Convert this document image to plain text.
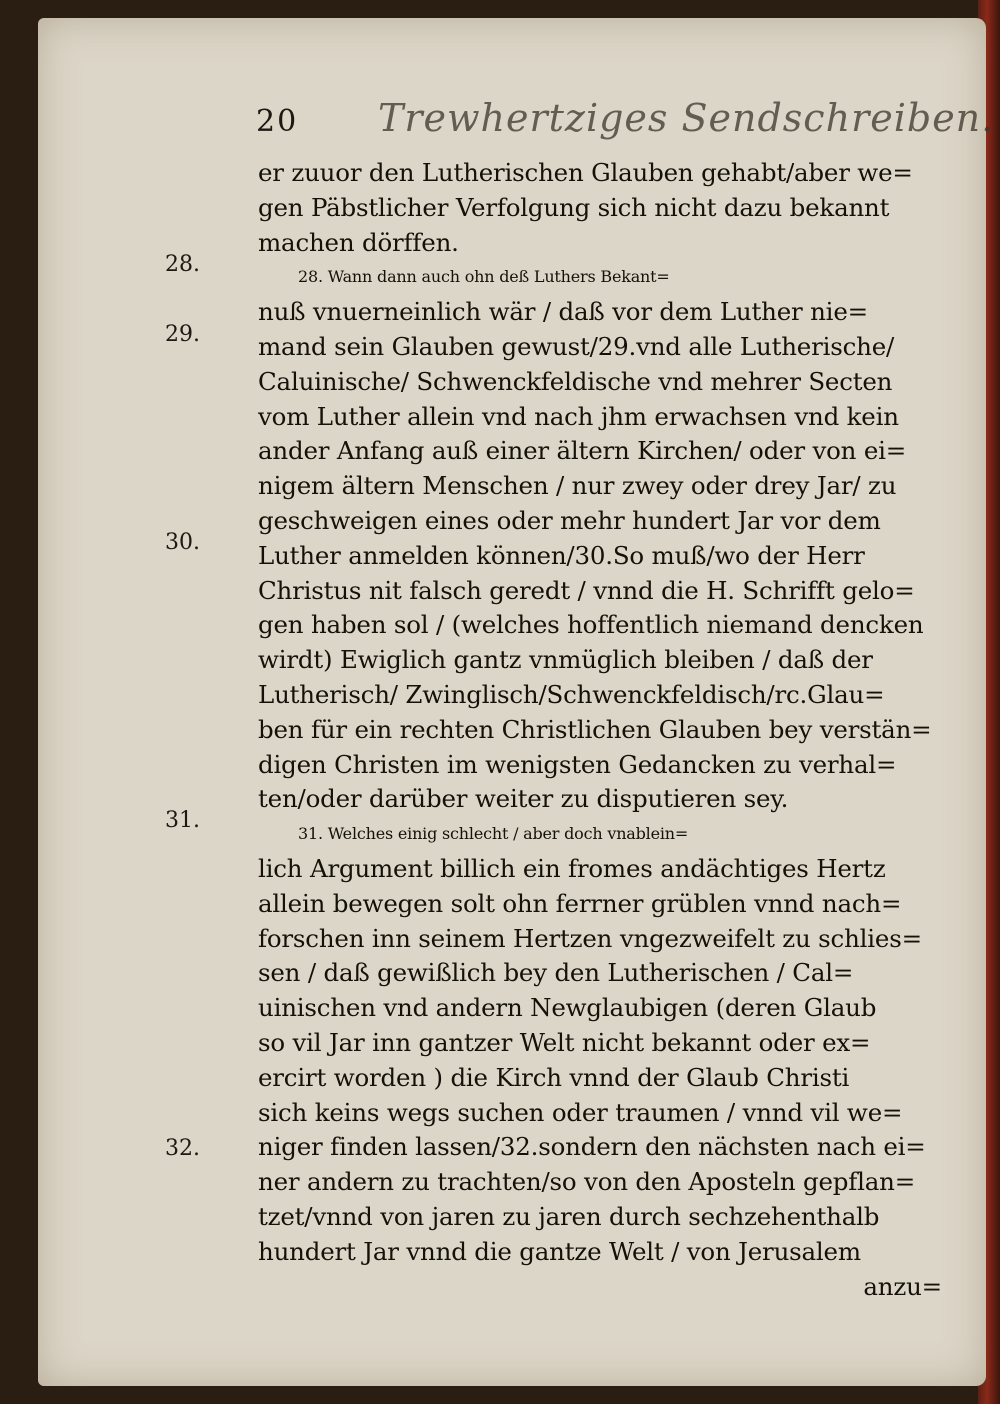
20 Trewhertziges Sendschreiben.
28.
29.
30.
31.
32.
er zuuor den Lutherischen Glauben gehabt/aber we=
gen Päbstlicher Verfolgung sich nicht dazu bekannt
machen dörffen.
28. Wann dann auch ohn deß Luthers Bekant=
nuß vnuerneinlich wär / daß vor dem Luther nie=
mand sein Glauben gewust/29.vnd alle Lutherische/
Caluinische/ Schwenckfeldische vnd mehrer Secten
vom Luther allein vnd nach jhm erwachsen vnd kein
ander Anfang auß einer ältern Kirchen/ oder von ei=
nigem ältern Menschen / nur zwey oder drey Jar/ zu
geschweigen eines oder mehr hundert Jar vor dem
Luther anmelden können/30.So muß/wo der Herr
Christus nit falsch geredt / vnnd die H. Schrifft gelo=
gen haben sol / (welches hoffentlich niemand dencken
wirdt) Ewiglich gantz vnmüglich bleiben / daß der
Lutherisch/ Zwinglisch/Schwenckfeldisch/rc.Glau=
ben für ein rechten Christlichen Glauben bey verstän=
digen Christen im wenigsten Gedancken zu verhal=
ten/oder darüber weiter zu disputieren sey.
31. Welches einig schlecht / aber doch vnablein=
lich Argument billich ein fromes andächtiges Hertz
allein bewegen solt ohn ferrner grüblen vnnd nach=
forschen inn seinem Hertzen vngezweifelt zu schlies=
sen / daß gewißlich bey den Lutherischen / Cal=
uinischen vnd andern Newglaubigen (deren Glaub
so vil Jar inn gantzer Welt nicht bekannt oder ex=
ercirt worden ) die Kirch vnnd der Glaub Christi
sich keins wegs suchen oder traumen / vnnd vil we=
niger finden lassen/32.sondern den nächsten nach ei=
ner andern zu trachten/so von den Aposteln gepflan=
tzet/vnnd von jaren zu jaren durch sechzehenthalb
hundert Jar vnnd die gantze Welt / von Jerusalem
anzu=
